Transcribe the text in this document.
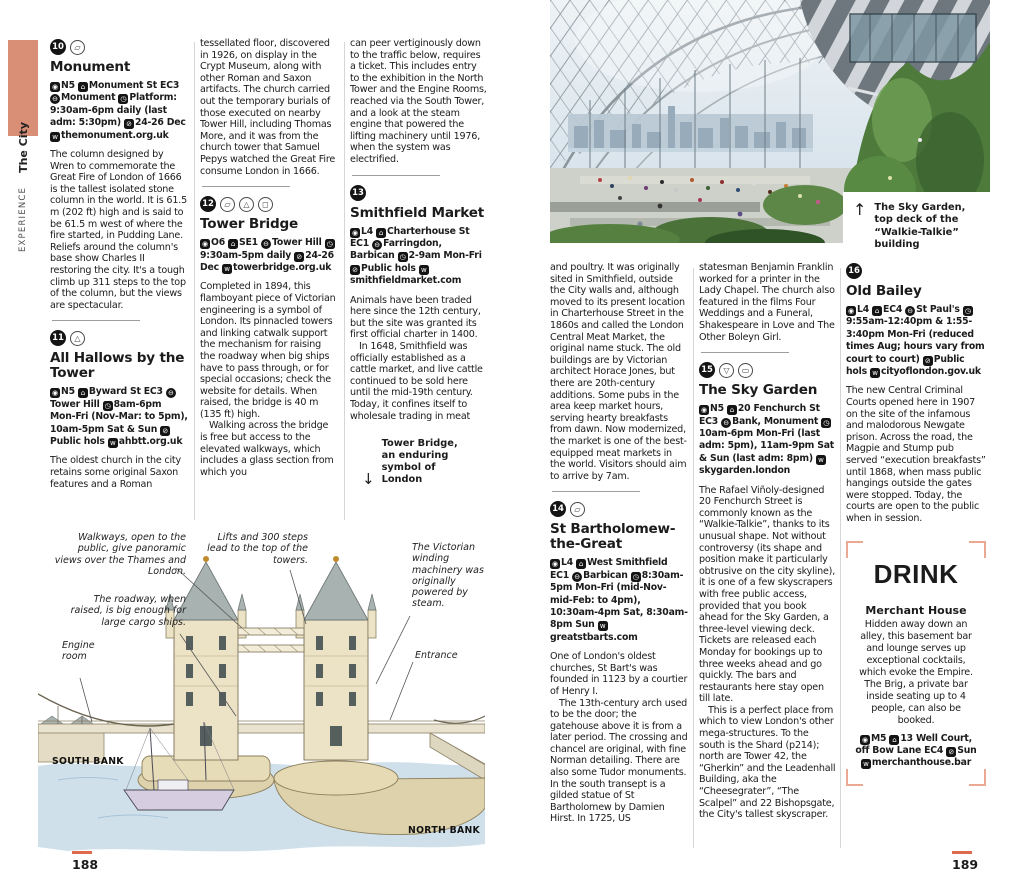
EXPERIENCE
The City
10	▱
Monument

◉ N5 ⌂ Monument St EC3 ⊖ Monument ◷ Platform: 9:30am-6pm daily (last adm: 5:30pm) ⊘ 24-26 Dec w themonument.org.uk

The column designed by Wren to commemorate the Great Fire of London of 1666 is the tallest isolated stone column in the world. It is 61.5 m (202 ft) high and is said to be 61.5 m west of where the fire started, in Pudding Lane. Reliefs around the column's base show Charles II restoring the city. It's a tough climb up 311 steps to the top of the column, but the views are spectacular.

11	△
All Hallows by the Tower

◉ N5 ⌂ Byward St EC3 ⊖Tower Hill ◷ 8am-6pm Mon-Fri (Nov-Mar: to 5pm), 10am-5pm Sat & Sun ⊘Public hols w ahbtt.org.uk

The oldest church in the city retains some original Saxon features and a Roman

tessellated floor, discovered in 1926, on display in the Crypt Museum, along with other Roman and Saxon artifacts. The church carried out the temporary burials of those executed on nearby Tower Hill, including Thomas More, and it was from the church tower that Samuel Pepys watched the Great Fire consume London in 1666.

12	▱	△	◻
Tower Bridge

◉ O6 ⌂ SE1 ⊖ Tower Hill ◷9:30am-5pm daily ⊘ 24-26 Dec w towerbridge.org.uk

Completed in 1894, this flamboyant piece of Victorian engineering is a symbol of London. Its pinnacled towers and linking catwalk support the mechanism for raising the roadway when big ships have to pass through, or for special occasions; check the website for details. When raised, the bridge is 40 m (135 ft) high.

Walking across the bridge is free but access to the elevated walkways, which includes a glass section from which you

can peer vertiginously down to the traffic below, requires a ticket. This includes entry to the exhibition in the North Tower and the Engine Rooms, reached via the South Tower, and a look at the steam engine that powered the lifting machinery until 1976, when the system was electrified.

13
Smithfield Market

◉ L4 ⌂ Charterhouse St EC1 ⊖ Farringdon, Barbican ◷ 2-9am Mon-Fri ⊘ Public hols wsmithfieldmarket.com

Animals have been traded here since the 12th century, but the site was granted its first official charter in 1400.

In 1648, Smithfield was officially established as a cattle market, and live cattle continued to be sold here until the mid-19th century. Today, it confines itself to wholesale trading in meat

↓
Tower Bridge, an enduring symbol of London
Walkways, open to the public, give panoramic views over the Thames and London.
Lifts and 300 steps lead to the top of the towers.
The Victorian winding machinery was originally powered by steam.
The roadway, when raised, is big enough for large cargo ships.
Engine room	Entrance
SOUTH BANK
NORTH BANK
188
↑ The Sky Garden, top deck of the “Walkie-Talkie” building

and poultry. It was originally sited in Smithfield, outside the City walls and, although moved to its present location in Charterhouse Street in the 1860s and called the London Central Meat Market, the original name stuck. The old buildings are by Victorian architect Horace Jones, but there are 20th-century additions. Some pubs in the area keep market hours, serving hearty breakfasts from dawn. Now modernized, the market is one of the best-equipped meat markets in the world. Visitors should aim to arrive by 7am.

14	▱
St Bartholomew-the-Great

◉ L4 ⌂ West Smithfield EC1 ⊖ Barbican ◷ 8:30am-5pm Mon-Fri (mid-Nov-mid-Feb: to 4pm), 10:30am-4pm Sat, 8:30am-8pm Sun wgreatstbarts.com

One of London's oldest churches, St Bart's was founded in 1123 by a courtier of Henry I.

The 13th-century arch used to be the door; the gatehouse above it is from a later period. The crossing and chancel are original, with fine Norman detailing. There are also some Tudor monuments. In the south transept is a gilded statue of St Bartholomew by Damien Hirst. In 1725, US

statesman Benjamin Franklin worked for a printer in the Lady Chapel. The church also featured in the films Four Weddings and a Funeral, Shakespeare in Love and The Other Boleyn Girl.

15	▽	▭
The Sky Garden

◉ N5 ⌂ 20 Fenchurch St EC3 ⊖ Bank, Monument ◷10am-6pm Mon-Fri (last adm: 5pm), 11am-9pm Sat & Sun (last adm: 8pm) wskygarden.london

The Rafael Viñoly-designed 20 Fenchurch Street is commonly known as the “Walkie-Talkie”, thanks to its unusual shape. Not without controversy (its shape and position make it particularly obtrusive on the city skyline), it is one of a few skyscrapers with free public access, provided that you book ahead for the Sky Garden, a three-level viewing deck. Tickets are released each Monday for bookings up to three weeks ahead and go quickly. The bars and restaurants here stay open till late.

This is a perfect place from which to view London's other mega-structures. To the south is the Shard (p214); north are Tower 42, the “Gherkin” and the Leadenhall Building, aka the “Cheesegrater”, “The Scalpel” and 22 Bishopsgate, the City's tallest skyscraper.

16
Old Bailey

◉ L4 ⌂ EC4 ⊖ St Paul's ◷9:55am-12:40pm & 1:55-3:40pm Mon-Fri (reduced times Aug; hours vary from court to court) ⊘ Public hols w cityoflondon.gov.uk

The new Central Criminal Courts opened here in 1907 on the site of the infamous and malodorous Newgate prison. Across the road, the Magpie and Stump pub served “execution breakfasts” until 1868, when mass public hangings outside the gates were stopped. Today, the courts are open to the public when in session.

DRINK
Merchant House

Hidden away down an alley, this basement bar and lounge serves up exceptional cocktails, which evoke the Empire. The Brig, a private bar inside seating up to 4 people, can also be booked.

◉ M5 ⌂ 13 Well Court, off Bow Lane EC4 ⊘ Sun w merchanthouse.bar

189
